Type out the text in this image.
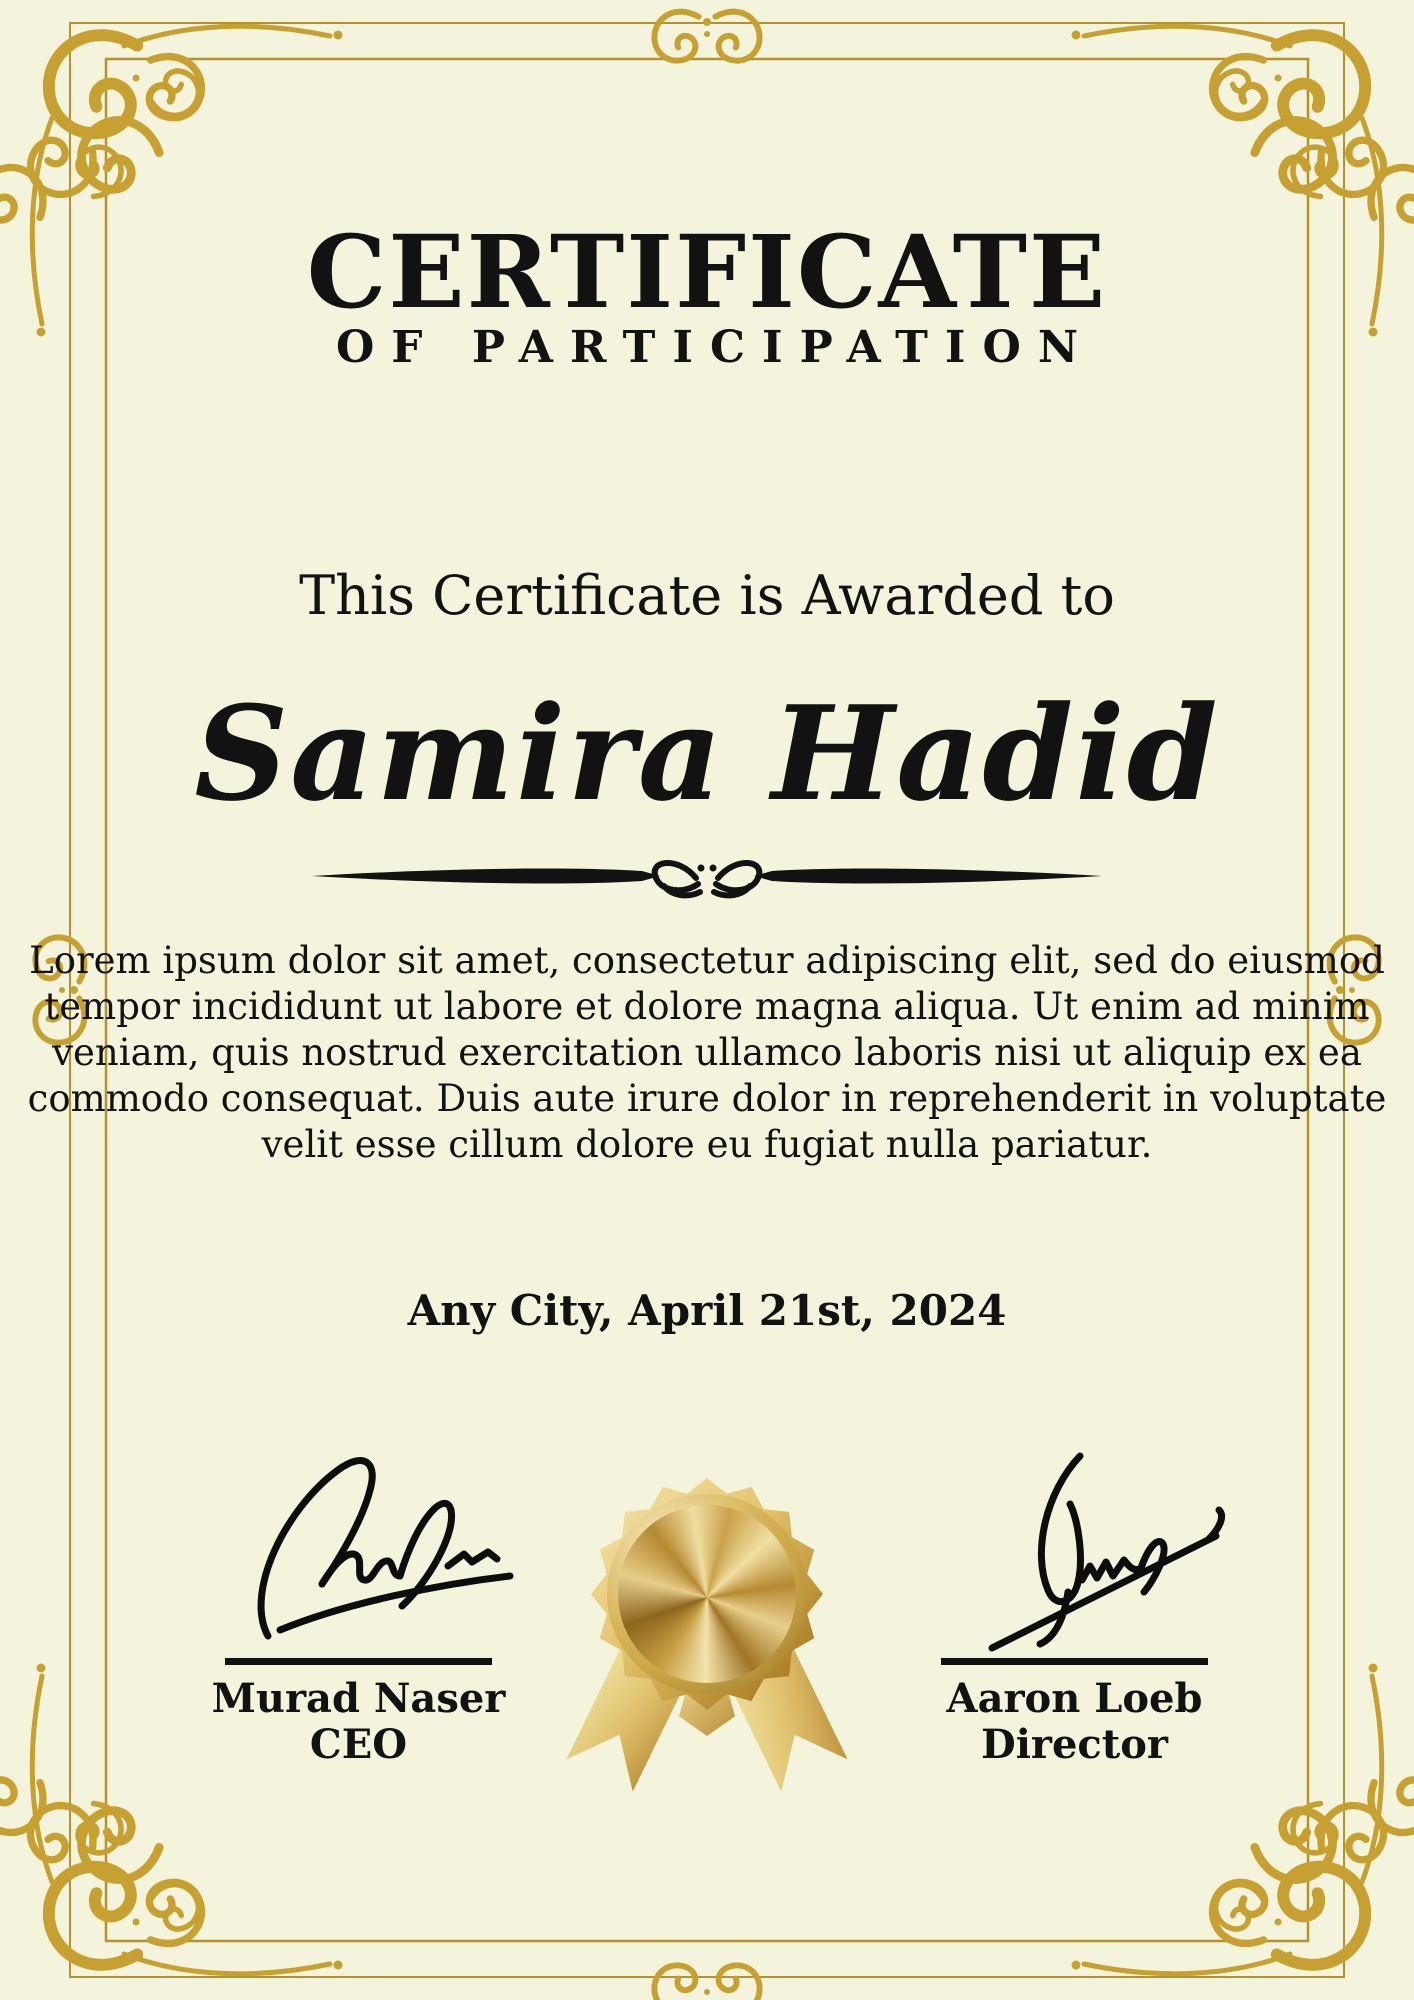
CERTIFICATE
OF PARTICIPATION
This Certificate is Awarded to
Samira Hadid
Lorem ipsum dolor sit amet, consectetur adipiscing elit, sed do eiusmod
tempor incididunt ut labore et dolore magna aliqua. Ut enim ad minim
veniam, quis nostrud exercitation ullamco laboris nisi ut aliquip ex ea
commodo consequat. Duis aute irure dolor in reprehenderit in voluptate
velit esse cillum dolore eu fugiat nulla pariatur.
Any City, April 21st, 2024
Murad Naser
CEO
Aaron Loeb
Director
